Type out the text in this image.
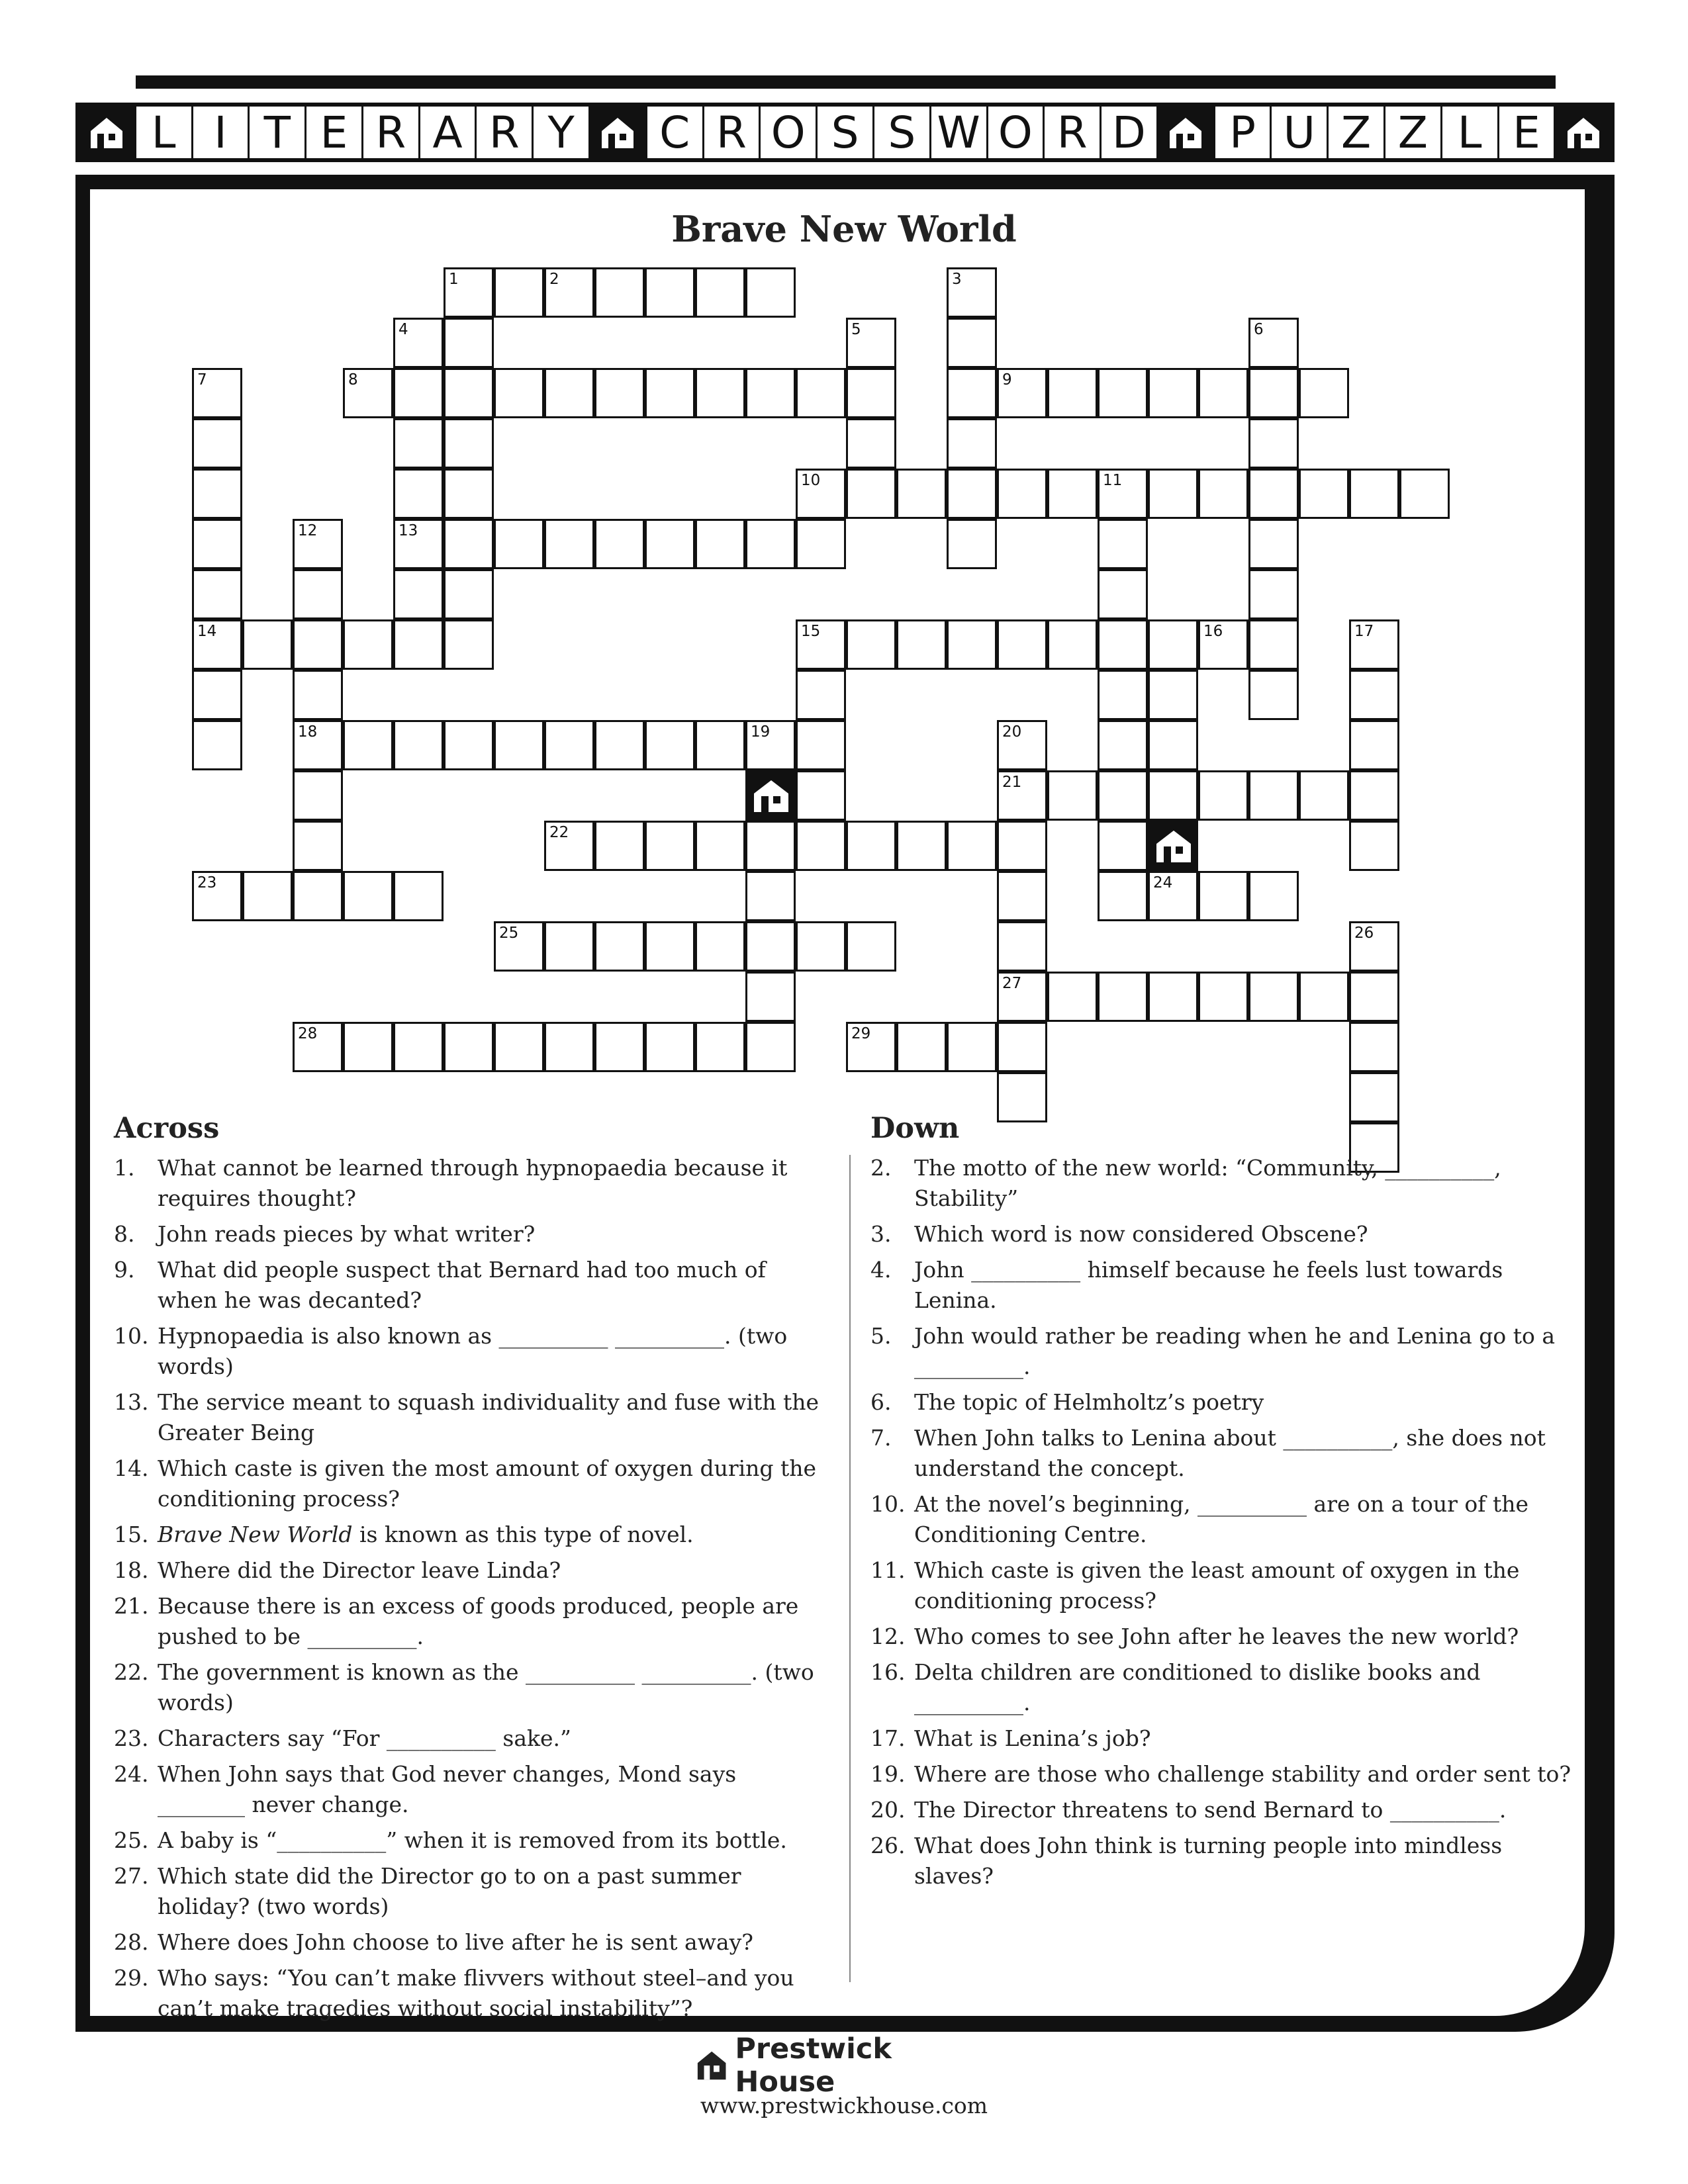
L I T E R A R Y	C R O S S W O R D	P U Z Z L E
Brave New World
1	2	3
4
13
5	6
7
14
8	9
10	11
12
18
15	16	17
19	20
21
27
22
23	24
25	26
28	29
Across
1. What cannot be learned through hypnopaedia because it requires thought?
8. John reads pieces by what writer?
9. What did people suspect that Bernard had too much of when he was decanted?
10. Hypnopaedia is also known as __________ __________. (two words)
13. The service meant to squash individuality and fuse with the Greater Being
14. Which caste is given the most amount of oxygen during the conditioning process?
15. Brave New World is known as this type of novel.
18. Where did the Director leave Linda?
21. Because there is an excess of goods produced, people are pushed to be __________.
22. The government is known as the __________ __________. (two words)
23. Characters say “For __________ sake.”
24. When John says that God never changes, Mond says ________ never change.
25. A baby is “__________” when it is removed from its bottle.
27. Which state did the Director go to on a past summer holiday? (two words)
28. Where does John choose to live after he is sent away?
29. Who says: “You can’t make flivvers without steel–and you can’t make tragedies without social instability”?
Down
2. The motto of the new world: “Community, __________, Stability”
3. Which word is now considered Obscene?
4. John __________ himself because he feels lust towards Lenina.
5. John would rather be reading when he and Lenina go to a __________.
6. The topic of Helmholtz’s poetry
7. When John talks to Lenina about __________, she does not understand the concept.
10. At the novel’s beginning, __________ are on a tour of the Conditioning Centre.
11. Which caste is given the least amount of oxygen in the conditioning process?
12. Who comes to see John after he leaves the new world?
16. Delta children are conditioned to dislike books and __________.
17. What is Lenina’s job?
19. Where are those who challenge stability and order sent to?
20. The Director threatens to send Bernard to __________.
26. What does John think is turning people into mindless slaves?
Prestwick House
www.prestwickhouse.com
